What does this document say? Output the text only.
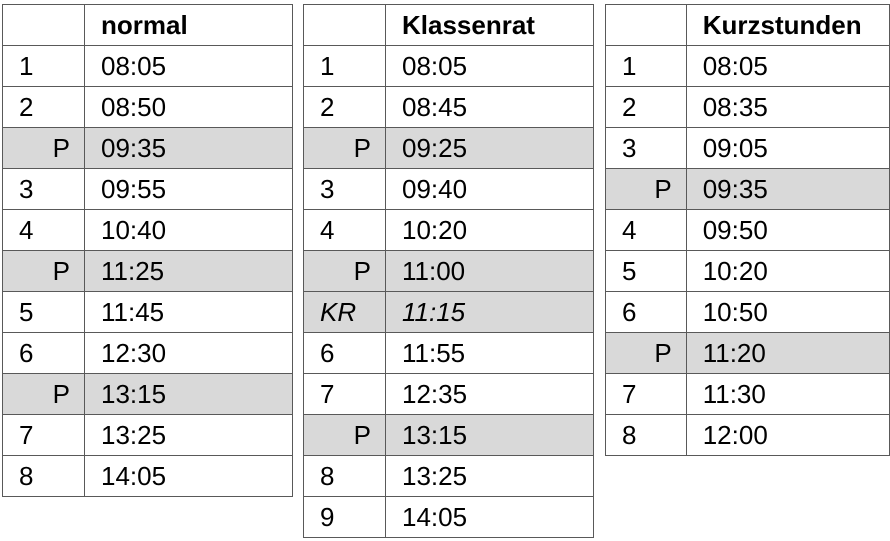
	normal
1	08:05
2	08:50
P	09:35
3	09:55
4	10:40
P	11:25
5	11:45
6	12:30
P	13:15
7	13:25
8	14:05
	Klassenrat
1	08:05
2	08:45
P	09:25
3	09:40
4	10:20
P	11:00
KR	11:15
6	11:55
7	12:35
P	13:15
8	13:25
9	14:05
	Kurzstunden
1	08:05
2	08:35
3	09:05
P	09:35
4	09:50
5	10:20
6	10:50
P	11:20
7	11:30
8	12:00
